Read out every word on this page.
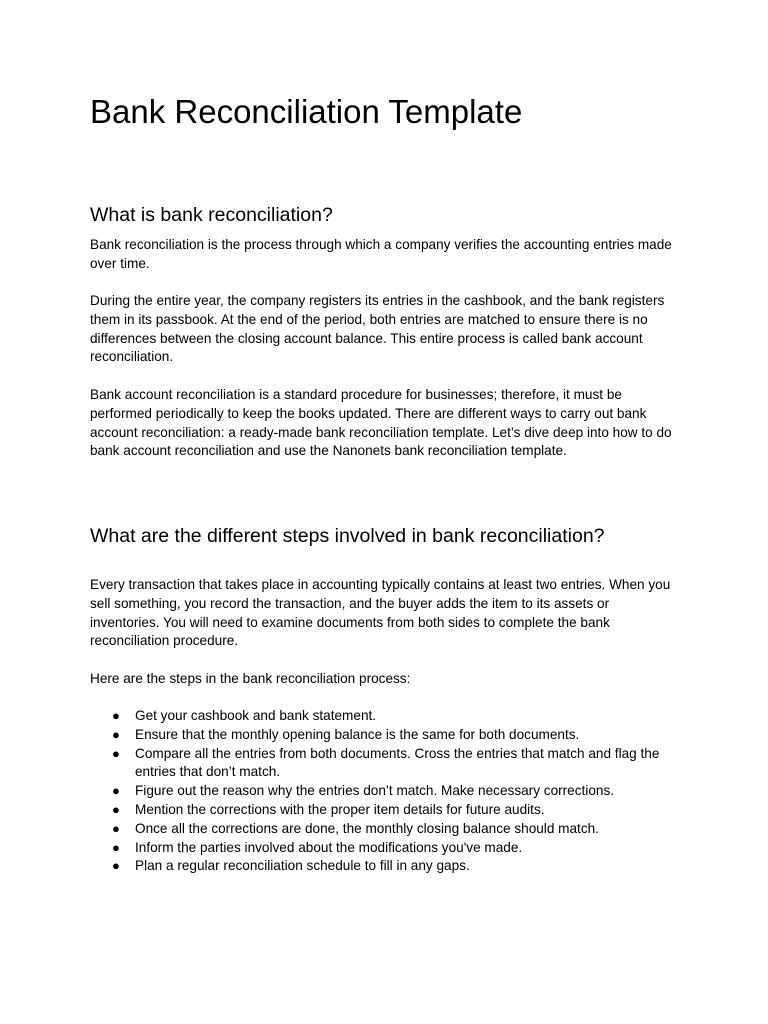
Bank Reconciliation Template
What is bank reconciliation?

Bank reconciliation is the process through which a company verifies the accounting entries made over time.

During the entire year, the company registers its entries in the cashbook, and the bank registers them in its passbook. At the end of the period, both entries are matched to ensure there is no differences between the closing account balance. This entire process is called bank account reconciliation.

Bank account reconciliation is a standard procedure for businesses; therefore, it must be performed periodically to keep the books updated. There are different ways to carry out bank account reconciliation: a ready-made bank reconciliation template. Let’s dive deep into how to do bank account reconciliation and use the Nanonets bank reconciliation template.

What are the different steps involved in bank reconciliation?

Every transaction that takes place in accounting typically contains at least two entries. When you sell something, you record the transaction, and the buyer adds the item to its assets or inventories. You will need to examine documents from both sides to complete the bank reconciliation procedure.

Here are the steps in the bank reconciliation process:

● Get your cashbook and bank statement.
● Ensure that the monthly opening balance is the same for both documents.
● Compare all the entries from both documents. Cross the entries that match and flag the entries that don’t match.
● Figure out the reason why the entries don’t match. Make necessary corrections.
● Mention the corrections with the proper item details for future audits.
● Once all the corrections are done, the monthly closing balance should match.
● Inform the parties involved about the modifications you've made.
● Plan a regular reconciliation schedule to fill in any gaps.
